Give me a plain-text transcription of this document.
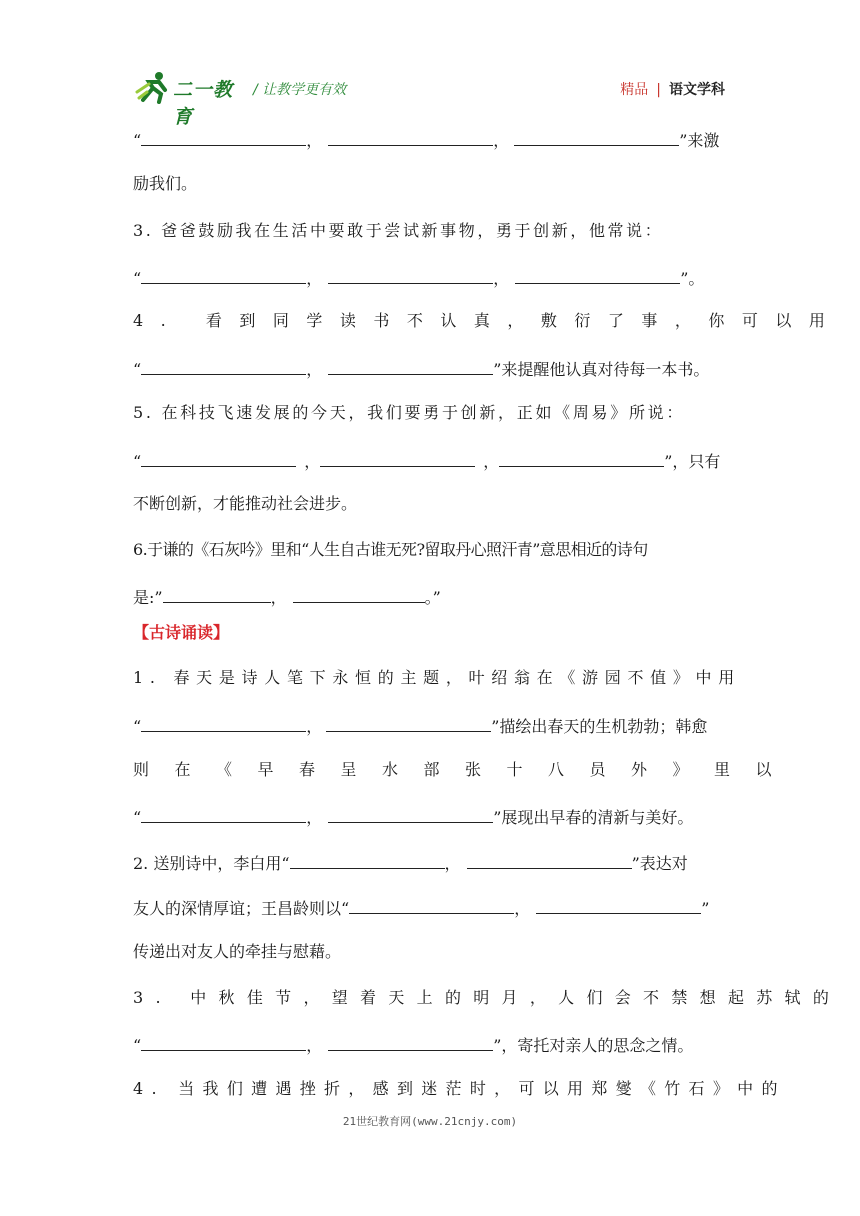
二一教育
/ 让教学更有效	精品 | 语文学科
“	，	，	”来激
励我们。
3. 爸爸鼓励我在生活中要敢于尝试新事物，勇于创新，他常说：
“	，	，	”。
4. 看到同学读书不认真，敷衍了事，你可以用
“	，	”来提醒他认真对待每一本书。
5. 在科技飞速发展的今天，我们要勇于创新，正如《周易》所说：
“	，	，	”，只有
不断创新，才能推动社会进步。
6.于谦的《石灰吟》里和“人生自古谁无死?留取丹心照汗青”意思相近的诗句
是:”	，	。”
【古诗诵读】
1. 春天是诗人笔下永恒的主题，叶绍翁在《游园不值》中用
“	，	”描绘出春天的生机勃勃；韩愈
则在《早春呈水部张十八员外》里以
“	，	”展现出早春的清新与美好。
2. 送别诗中，李白用“	，	”表达对
友人的深情厚谊；王昌龄则以“	，	”
传递出对友人的牵挂与慰藉。
3. 中秋佳节，望着天上的明月，人们会不禁想起苏轼的
“	，	”，寄托对亲人的思念之情。
4. 当我们遭遇挫折，感到迷茫时，可以用郑燮《竹石》中的
21世纪教育网(www.21cnjy.com)
